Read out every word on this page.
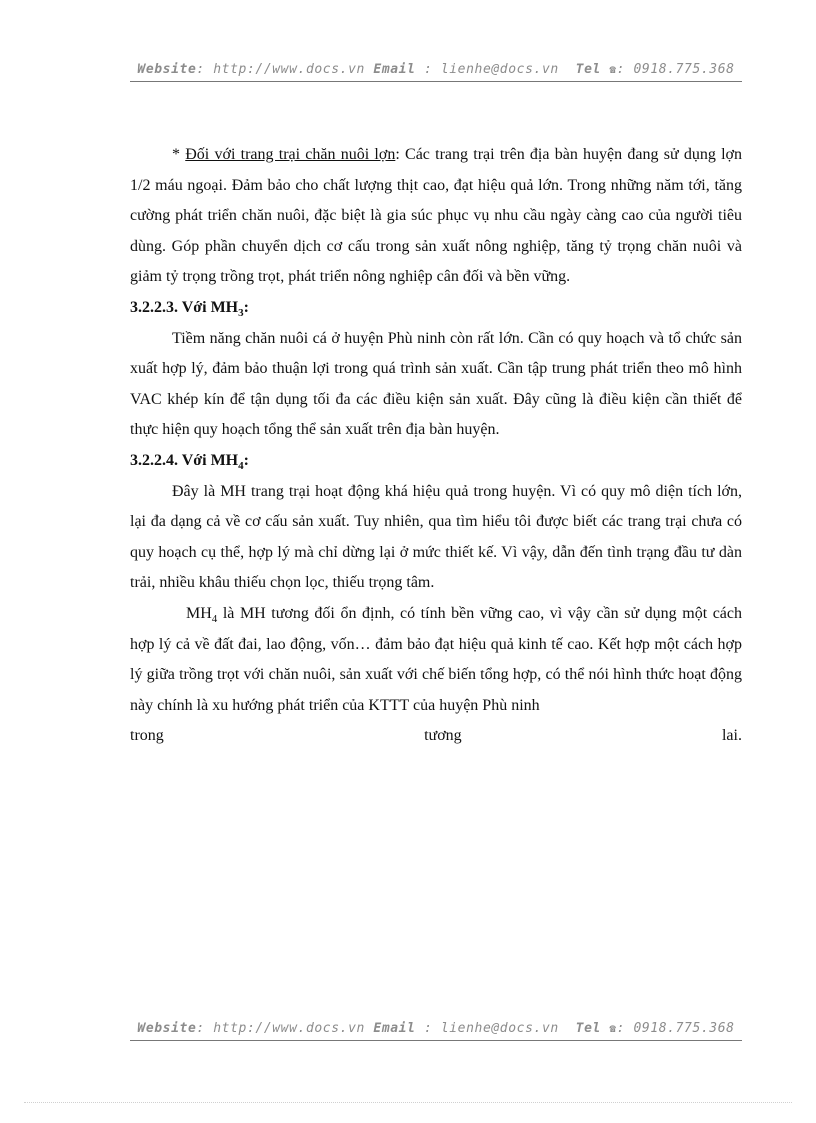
Website: http://www.docs.vn Email : lienhe@docs.vn Tel ☎: 0918.775.368

* Đối với trang trại chăn nuôi lợn: Các trang trại trên địa bàn huyện đang sử dụng lợn 1/2 máu ngoại. Đảm bảo cho chất lượng thịt cao, đạt hiệu quả lớn. Trong những năm tới, tăng cường phát triển chăn nuôi, đặc biệt là gia súc phục vụ nhu cầu ngày càng cao của người tiêu dùng. Góp phần chuyển dịch cơ cấu trong sản xuất nông nghiệp, tăng tỷ trọng chăn nuôi và giảm tỷ trọng trồng trọt, phát triển nông nghiệp cân đối và bền vững.

3.2.2.3. Với $MH_3$:

Tiềm năng chăn nuôi cá ở huyện Phù ninh còn rất lớn. Cần có quy hoạch và tổ chức sản xuất hợp lý, đảm bảo thuận lợi trong quá trình sản xuất. Cần tập trung phát triển theo mô hình VAC khép kín để tận dụng tối đa các điều kiện sản xuất. Đây cũng là điều kiện cần thiết để thực hiện quy hoạch tổng thể sản xuất trên địa bàn huyện.

3.2.2.4. Với $MH_4$:

Đây là MH trang trại hoạt động khá hiệu quả trong huyện. Vì có quy mô diện tích lớn, lại đa dạng cả về cơ cấu sản xuất. Tuy nhiên, qua tìm hiểu tôi được biết các trang trại chưa có quy hoạch cụ thể, hợp lý mà chỉ dừng lại ở mức thiết kế. Vì vậy, dẫn đến tình trạng đầu tư dàn trải, nhiều khâu thiếu chọn lọc, thiếu trọng tâm.

$MH_4$ là MH tương đối ổn định, có tính bền vững cao, vì vậy cần sử dụng một cách hợp lý cả về đất đai, lao động, vốn… đảm bảo đạt hiệu quả kinh tế cao. Kết hợp một cách hợp lý giữa trồng trọt với chăn nuôi, sản xuất với chế biến tổng hợp, có thể nói hình thức hoạt động này chính là xu hướng phát triển của KTTT của huyện Phù ninh

trong	tương	lai.
Website: http://www.docs.vn Email : lienhe@docs.vn Tel ☎: 0918.775.368
